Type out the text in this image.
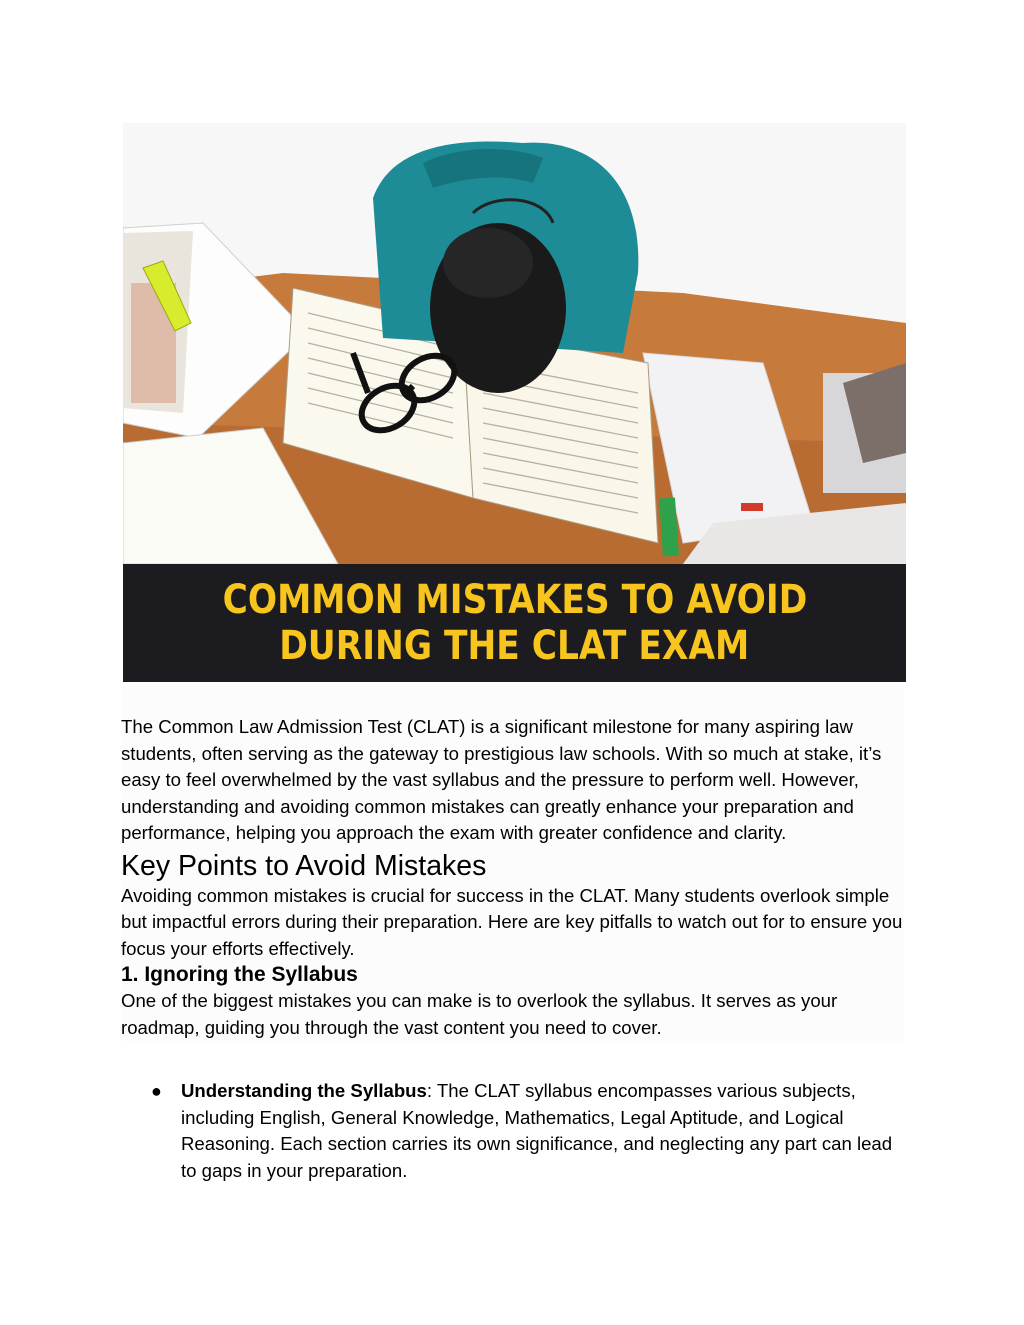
COMMON MISTAKES TO AVOID
DURING THE CLAT EXAM

The Common Law Admission Test (CLAT) is a significant milestone for many aspiring law students, often serving as the gateway to prestigious law schools. With so much at stake, it’s easy to feel overwhelmed by the vast syllabus and the pressure to perform well. However, understanding and avoiding common mistakes can greatly enhance your preparation and performance, helping you approach the exam with greater confidence and clarity.

Key Points to Avoid Mistakes

Avoiding common mistakes is crucial for success in the CLAT. Many students overlook simple but impactful errors during their preparation. Here are key pitfalls to watch out for to ensure you focus your efforts effectively.

1. Ignoring the Syllabus

One of the biggest mistakes you can make is to overlook the syllabus. It serves as your roadmap, guiding you through the vast content you need to cover.

● Understanding the Syllabus: The CLAT syllabus encompasses various subjects, including English, General Knowledge, Mathematics, Legal Aptitude, and Logical Reasoning. Each section carries its own significance, and neglecting any part can lead to gaps in your preparation.
